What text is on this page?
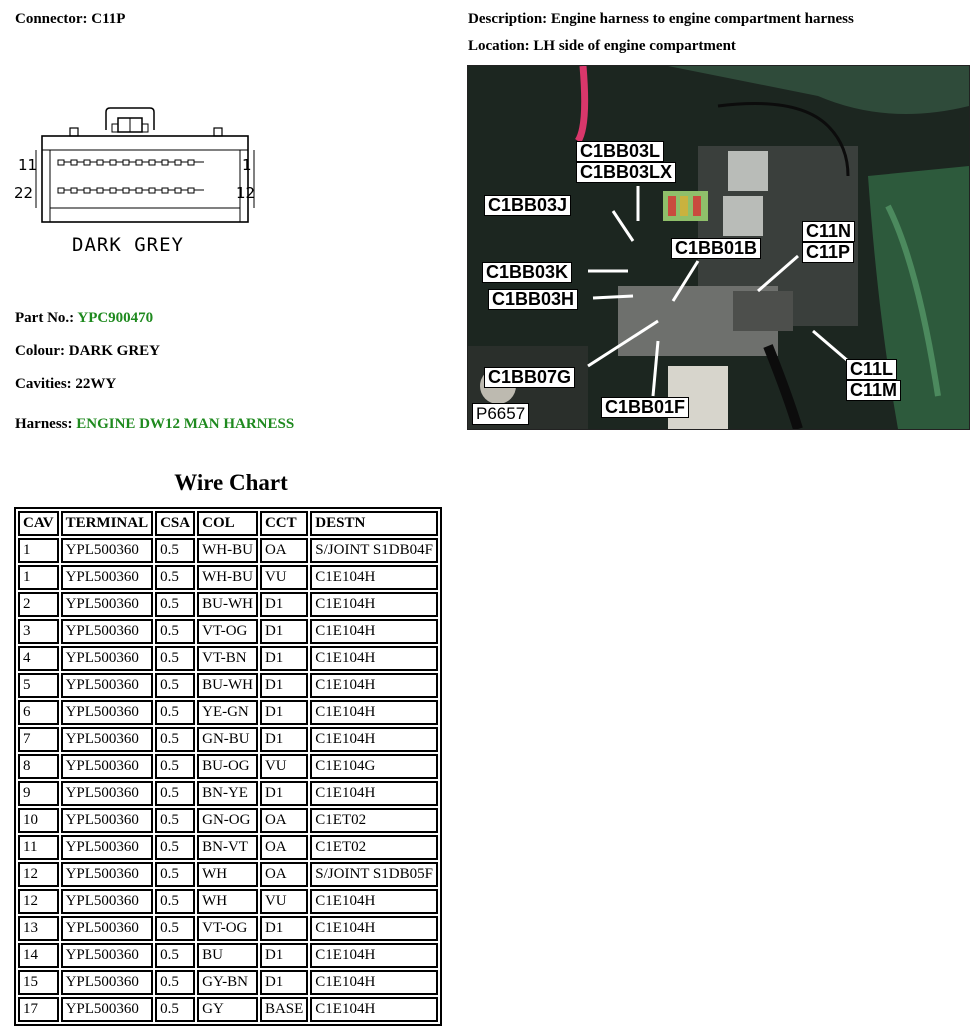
Connector: C11P	Description: Engine harness to engine compartment harness
Location: LH side of engine compartment
11
22
1
12
DARK GREY
Part No.: YPC900470
Colour: DARK GREY
Cavities: 22WY
Harness: ENGINE DW12 MAN HARNESS
C1BB03L
C1BB03LX
C1BB03J
C1BB01B
C11N
C11P
C1BB03K
C1BB03H
C1BB07G	C11L
C11M
C1BB01F
P6657
Wire Chart
CAV	TERMINAL	CSA	COL	CCT	DESTN
1	YPL500360	0.5	WH-BU	OA	S/JOINT S1DB04F
1	YPL500360	0.5	WH-BU	VU	C1E104H
2	YPL500360	0.5	BU-WH	D1	C1E104H
3	YPL500360	0.5	VT-OG	D1	C1E104H
4	YPL500360	0.5	VT-BN	D1	C1E104H
5	YPL500360	0.5	BU-WH	D1	C1E104H
6	YPL500360	0.5	YE-GN	D1	C1E104H
7	YPL500360	0.5	GN-BU	D1	C1E104H
8	YPL500360	0.5	BU-OG	VU	C1E104G
9	YPL500360	0.5	BN-YE	D1	C1E104H
10	YPL500360	0.5	GN-OG	OA	C1ET02
11	YPL500360	0.5	BN-VT	OA	C1ET02
12	YPL500360	0.5	WH	OA	S/JOINT S1DB05F
12	YPL500360	0.5	WH	VU	C1E104H
13	YPL500360	0.5	VT-OG	D1	C1E104H
14	YPL500360	0.5	BU	D1	C1E104H
15	YPL500360	0.5	GY-BN	D1	C1E104H
17	YPL500360	0.5	GY	BASE	C1E104H
